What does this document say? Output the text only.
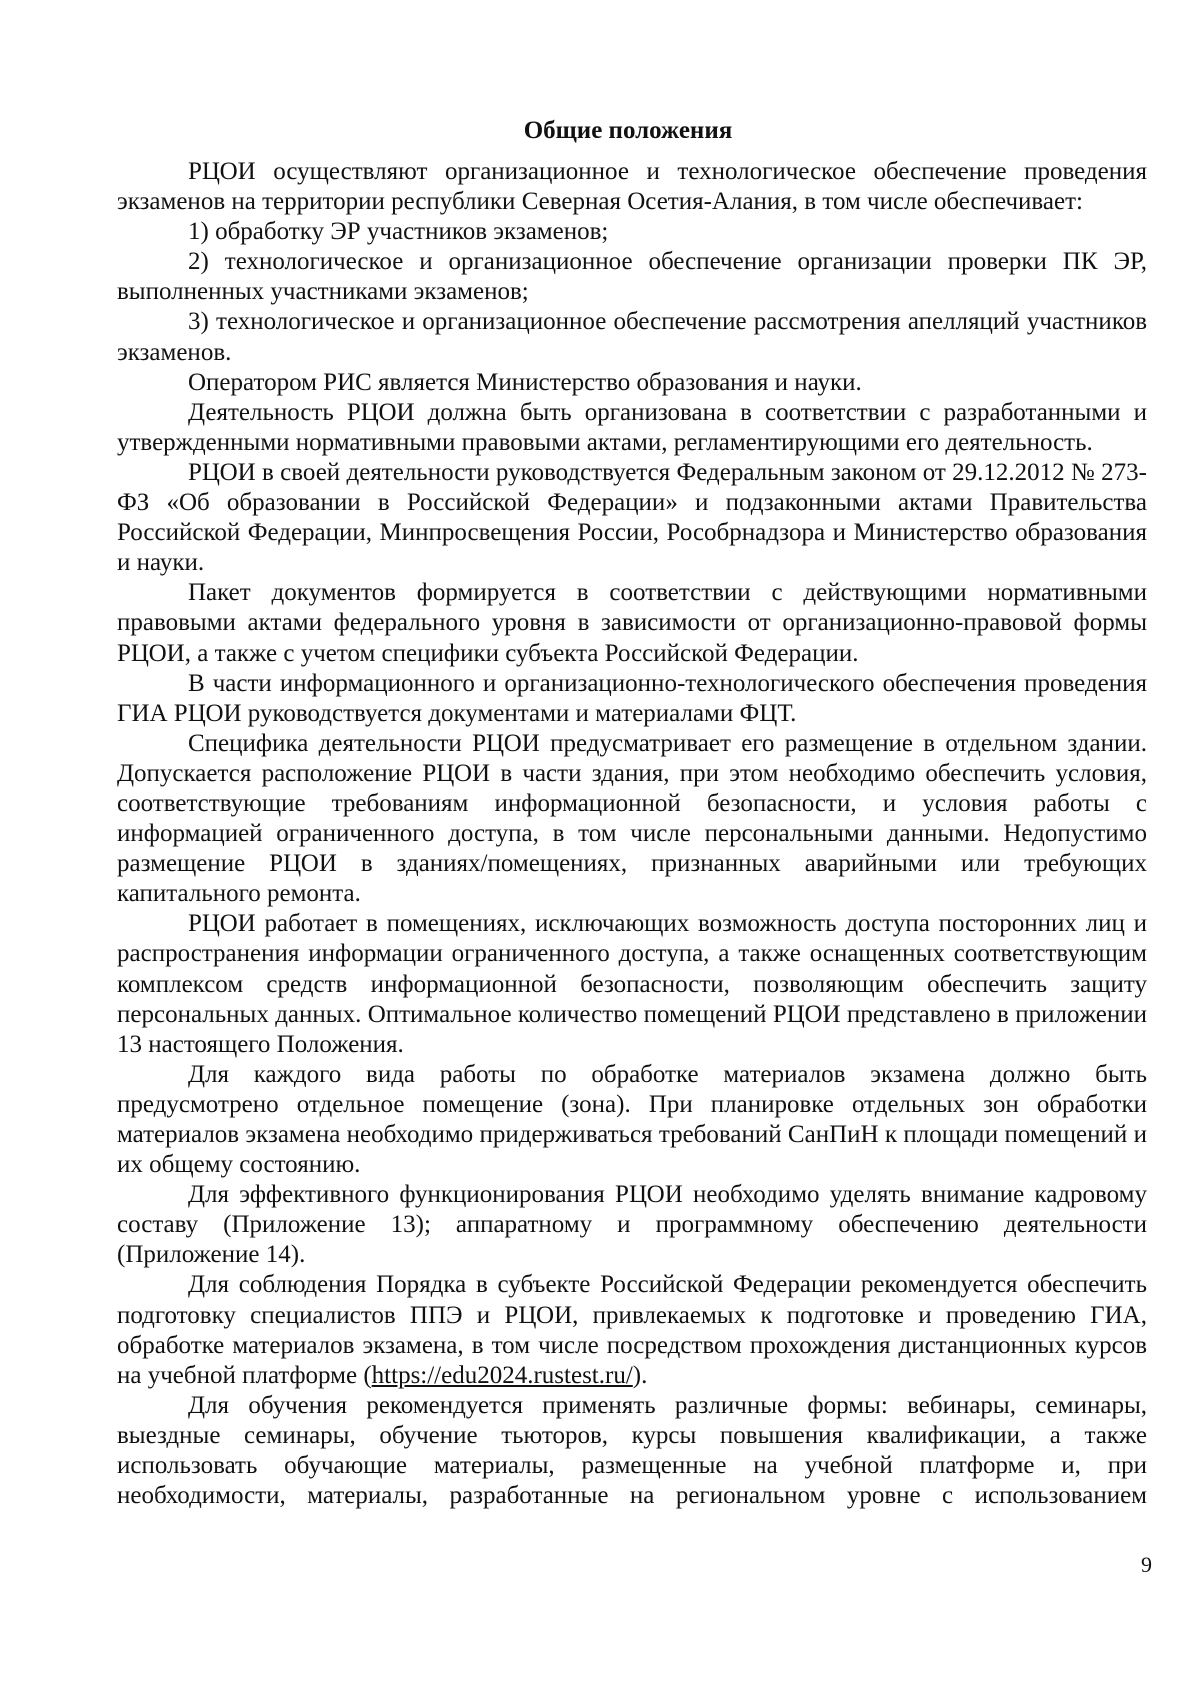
Общие положения

РЦОИ осуществляют организационное и технологическое обеспечение проведения экзаменов на территории республики Северная Осетия-Алания, в том числе обеспечивает:

1) обработку ЭР участников экзаменов;

2) технологическое и организационное обеспечение организации проверки ПК ЭР, выполненных участниками экзаменов;

3) технологическое и организационное обеспечение рассмотрения апелляций участников экзаменов.

Оператором РИС является Министерство образования и науки.

Деятельность РЦОИ должна быть организована в соответствии с разработанными и утвержденными нормативными правовыми актами, регламентирующими его деятельность.

РЦОИ в своей деятельности руководствуется Федеральным законом от 29.12.2012 № 273-ФЗ «Об образовании в Российской Федерации» и подзаконными актами Правительства Российской Федерации, Минпросвещения России, Рособрнадзора и Министерство образования и науки.

Пакет документов формируется в соответствии с действующими нормативными правовыми актами федерального уровня в зависимости от организационно-правовой формы РЦОИ, а также с учетом специфики субъекта Российской Федерации.

В части информационного и организационно-технологического обеспечения проведения ГИА РЦОИ руководствуется документами и материалами ФЦТ.

Специфика деятельности РЦОИ предусматривает его размещение в отдельном здании. Допускается расположение РЦОИ в части здания, при этом необходимо обеспечить условия, соответствующие требованиям информационной безопасности, и условия работы с информацией ограниченного доступа, в том числе персональными данными. Недопустимо размещение РЦОИ в зданиях/помещениях, признанных аварийными или требующих капитального ремонта.

РЦОИ работает в помещениях, исключающих возможность доступа посторонних лиц и распространения информации ограниченного доступа, а также оснащенных соответствующим комплексом средств информационной безопасности, позволяющим обеспечить защиту персональных данных. Оптимальное количество помещений РЦОИ представлено в приложении 13 настоящего Положения.

Для каждого вида работы по обработке материалов экзамена должно быть предусмотрено отдельное помещение (зона). При планировке отдельных зон обработки материалов экзамена необходимо придерживаться требований СанПиН к площади помещений и их общему состоянию.

Для эффективного функционирования РЦОИ необходимо уделять внимание кадровому составу (Приложение 13); аппаратному и программному обеспечению деятельности (Приложение 14).

Для соблюдения Порядка в субъекте Российской Федерации рекомендуется обеспечить подготовку специалистов ППЭ и РЦОИ, привлекаемых к подготовке и проведению ГИА, обработке материалов экзамена, в том числе посредством прохождения дистанционных курсов на учебной платформе (https://edu2024.rustest.ru/).

Для обучения рекомендуется применять различные формы: вебинары, семинары, выездные семинары, обучение тьюторов, курсы повышения квалификации, а также использовать обучающие материалы, размещенные на учебной платформе и, при необходимости, материалы, разработанные на региональном уровне с использованием

9
